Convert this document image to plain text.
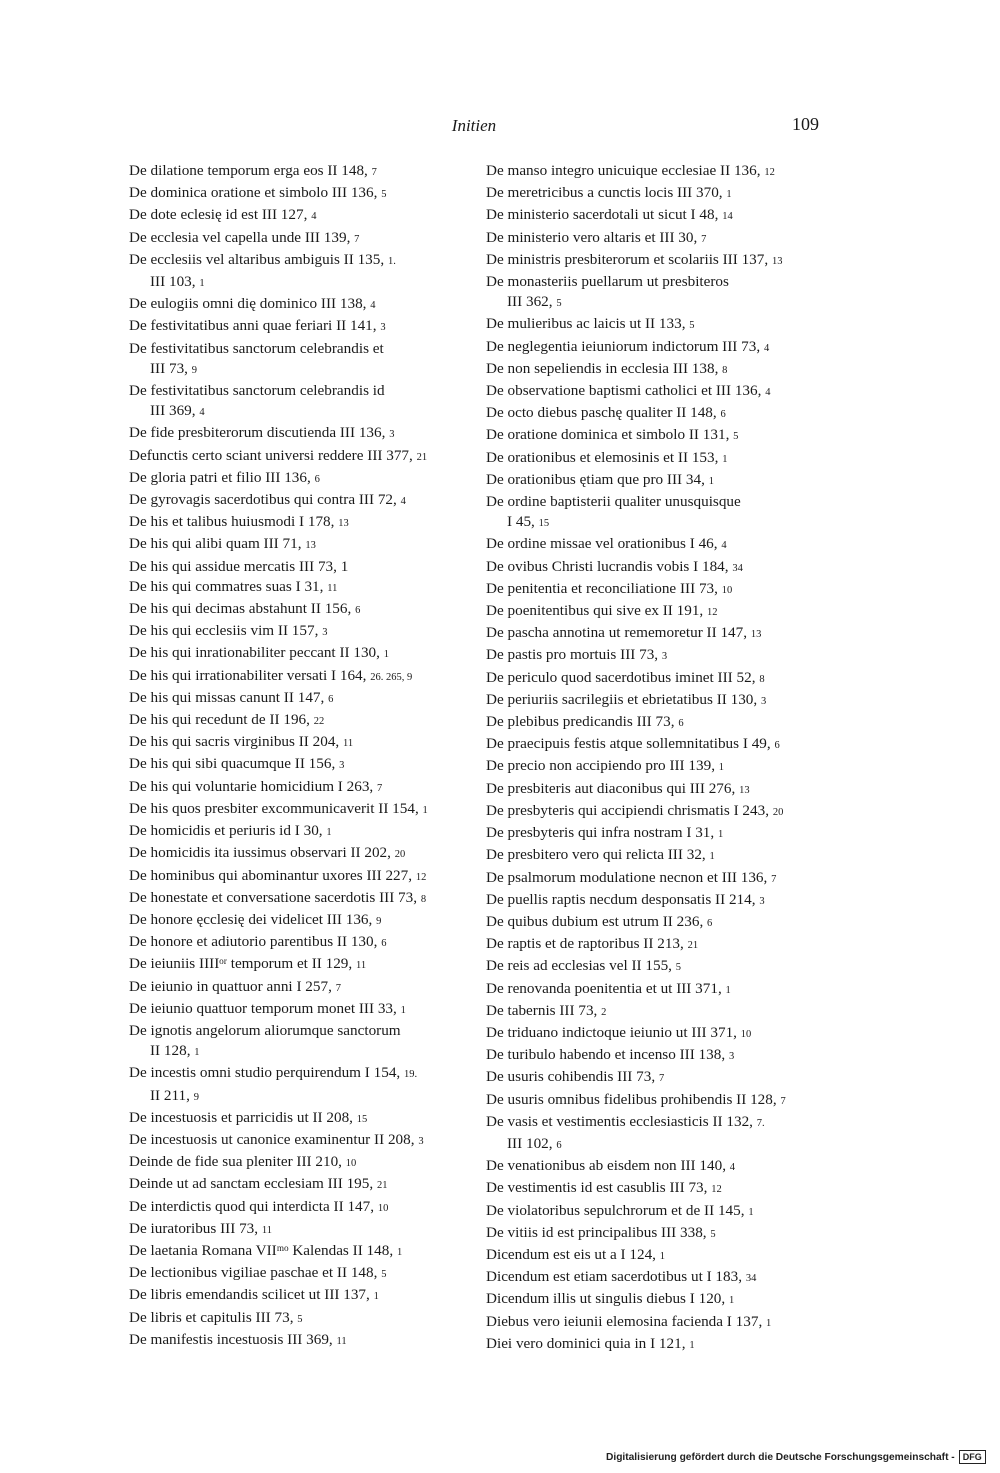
Initien	109
De dilatione temporum erga eos II 148, 7
De dominica oratione et simbolo III 136, 5
De dote eclesię id est III 127, 4
De ecclesia vel capella unde III 139, 7
De ecclesiis vel altaribus ambiguis II 135, 1.
III 103, 1
De eulogiis omni dię dominico III 138, 4
De festivitatibus anni quae feriari II 141, 3
De festivitatibus sanctorum celebrandis et
III 73, 9
De festivitatibus sanctorum celebrandis id
III 369, 4
De fide presbiterorum discutienda III 136, 3
Defunctis certo sciant universi reddere III 377, 21
De gloria patri et filio III 136, 6
De gyrovagis sacerdotibus qui contra III 72, 4
De his et talibus huiusmodi I 178, 13
De his qui alibi quam III 71, 13
De his qui assidue mercatis III 73, 1
De his qui commatres suas I 31, 11
De his qui decimas abstahunt II 156, 6
De his qui ecclesiis vim II 157, 3
De his qui inrationabiliter peccant II 130, 1
De his qui irrationabiliter versati I 164, 26. 265, 9
De his qui missas canunt II 147, 6
De his qui recedunt de II 196, 22
De his qui sacris virginibus II 204, 11
De his qui sibi quacumque II 156, 3
De his qui voluntarie homicidium I 263, 7
De his quos presbiter excommunicaverit II 154, 1
De homicidis et periuris id I 30, 1
De homicidis ita iussimus observari II 202, 20
De hominibus qui abominantur uxores III 227, 12
De honestate et conversatione sacerdotis III 73, 8
De honore ęcclesię dei videlicet III 136, 9
De honore et adiutorio parentibus II 130, 6
De ieiuniis IIIIᵒʳ temporum et II 129, 11
De ieiunio in quattuor anni I 257, 7
De ieiunio quattuor temporum monet III 33, 1
De ignotis angelorum aliorumque sanctorum
II 128, 1
De incestis omni studio perquirendum I 154, 19.
II 211, 9
De incestuosis et parricidis ut II 208, 15
De incestuosis ut canonice examinentur II 208, 3
Deinde de fide sua pleniter III 210, 10
Deinde ut ad sanctam ecclesiam III 195, 21
De interdictis quod qui interdicta II 147, 10
De iuratoribus III 73, 11
De laetania Romana VIIᵐᵒ Kalendas II 148, 1
De lectionibus vigiliae paschae et II 148, 5
De libris emendandis scilicet ut III 137, 1
De libris et capitulis III 73, 5
De manifestis incestuosis III 369, 11
De manso integro unicuique ecclesiae II 136, 12
De meretricibus a cunctis locis III 370, 1
De ministerio sacerdotali ut sicut I 48, 14
De ministerio vero altaris et III 30, 7
De ministris presbiterorum et scolariis III 137, 13
De monasteriis puellarum ut presbiteros
III 362, 5
De mulieribus ac laicis ut II 133, 5
De neglegentia ieiuniorum indictorum III 73, 4
De non sepeliendis in ecclesia III 138, 8
De observatione baptismi catholici et III 136, 4
De octo diebus paschę qualiter II 148, 6
De oratione dominica et simbolo II 131, 5
De orationibus et elemosinis et II 153, 1
De orationibus ętiam que pro III 34, 1
De ordine baptisterii qualiter unusquisque
I 45, 15
De ordine missae vel orationibus I 46, 4
De ovibus Christi lucrandis vobis I 184, 34
De penitentia et reconciliatione III 73, 10
De poenitentibus qui sive ex II 191, 12
De pascha annotina ut rememoretur II 147, 13
De pastis pro mortuis III 73, 3
De periculo quod sacerdotibus iminet III 52, 8
De periuriis sacrilegiis et ebrietatibus II 130, 3
De plebibus predicandis III 73, 6
De praecipuis festis atque sollemnitatibus I 49, 6
De precio non accipiendo pro III 139, 1
De presbiteris aut diaconibus qui III 276, 13
De presbyteris qui accipiendi chrismatis I 243, 20
De presbyteris qui infra nostram I 31, 1
De presbitero vero qui relicta III 32, 1
De psalmorum modulatione necnon et III 136, 7
De puellis raptis necdum desponsatis II 214, 3
De quibus dubium est utrum II 236, 6
De raptis et de raptoribus II 213, 21
De reis ad ecclesias vel II 155, 5
De renovanda poenitentia et ut III 371, 1
De tabernis III 73, 2
De triduano indictoque ieiunio ut III 371, 10
De turibulo habendo et incenso III 138, 3
De usuris cohibendis III 73, 7
De usuris omnibus fidelibus prohibendis II 128, 7
De vasis et vestimentis ecclesiasticis II 132, 7.
III 102, 6
De venationibus ab eisdem non III 140, 4
De vestimentis id est casublis III 73, 12
De violatoribus sepulchrorum et de II 145, 1
De vitiis id est principalibus III 338, 5
Dicendum est eis ut a I 124, 1
Dicendum est etiam sacerdotibus ut I 183, 34
Dicendum illis ut singulis diebus I 120, 1
Diebus vero ieiunii elemosina facienda I 137, 1
Diei vero dominici quia in I 121, 1
Digitalisierung gefördert durch die Deutsche Forschungsgemeinschaft - DFG
